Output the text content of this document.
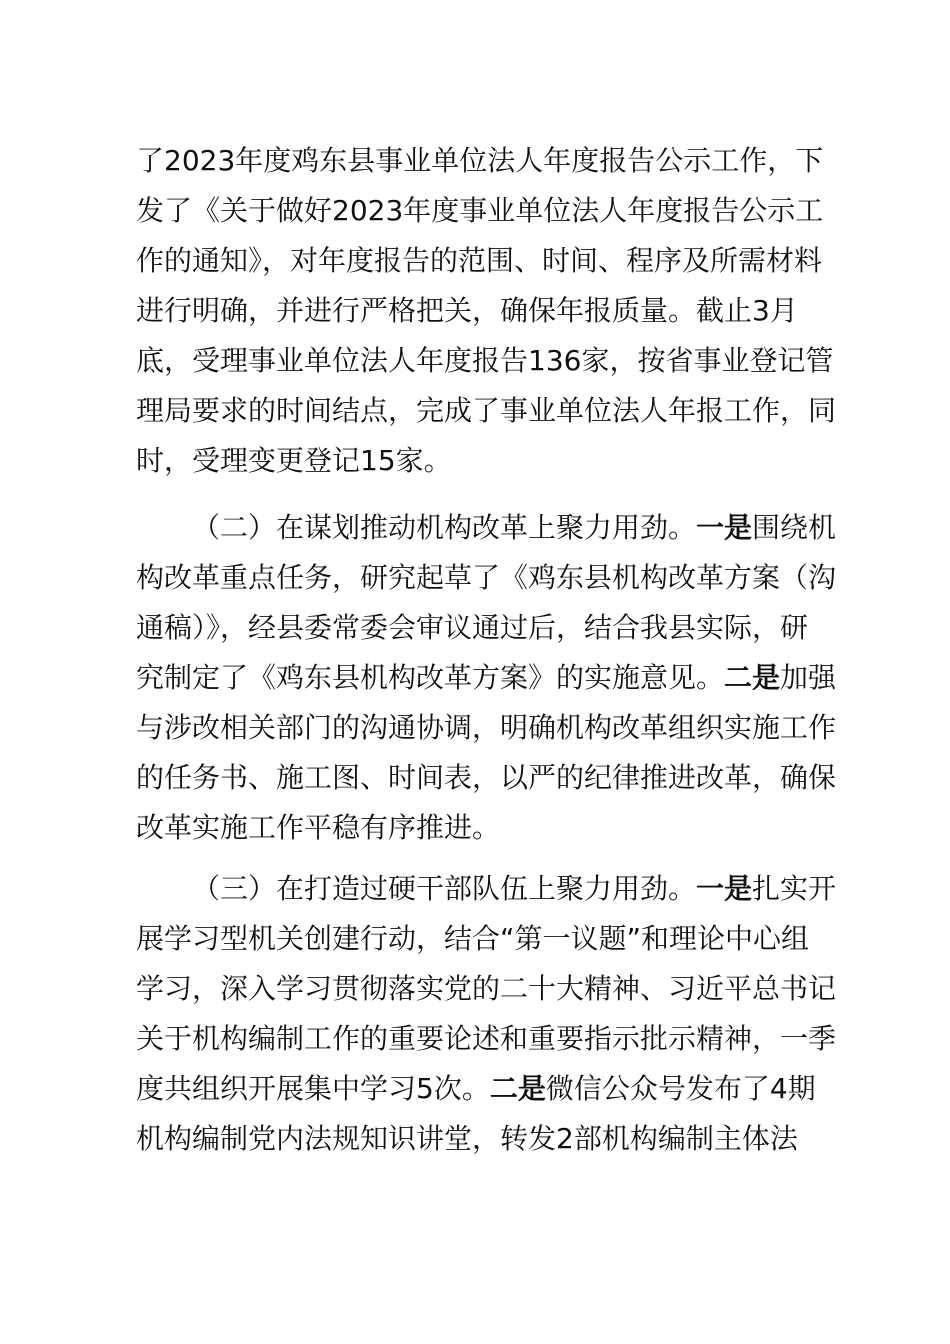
了2023年度鸡东县事业单位法人年度报告公示工作，下
发了《关于做好2023年度事业单位法人年度报告公示工
作的通知》，对年度报告的范围、时间、程序及所需材料
进行明确，并进行严格把关，确保年报质量。截止3月
底，受理事业单位法人年度报告136家，按省事业登记管
理局要求的时间结点，完成了事业单位法人年报工作，同
时，受理变更登记15家。
（二）在谋划推动机构改革上聚力用劲。一是围绕机
构改革重点任务，研究起草了《鸡东县机构改革方案（沟
通稿）》，经县委常委会审议通过后，结合我县实际，研
究制定了《鸡东县机构改革方案》的实施意见。二是加强
与涉改相关部门的沟通协调，明确机构改革组织实施工作
的任务书、施工图、时间表，以严的纪律推进改革，确保
改革实施工作平稳有序推进。
（三）在打造过硬干部队伍上聚力用劲。一是扎实开
展学习型机关创建行动，结合“第一议题”和理论中心组
学习，深入学习贯彻落实党的二十大精神、习近平总书记
关于机构编制工作的重要论述和重要指示批示精神，一季
度共组织开展集中学习5次。二是微信公众号发布了4期
机构编制党内法规知识讲堂，转发2部机构编制主体法
